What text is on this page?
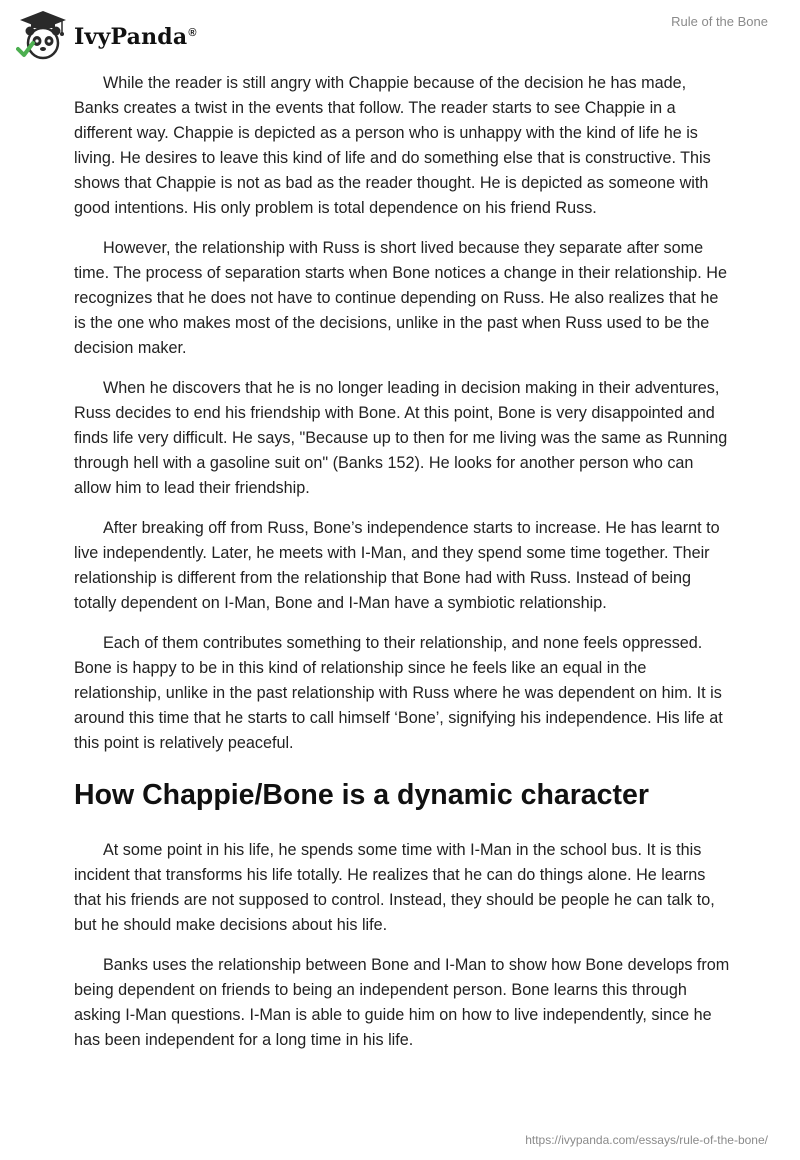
IvyPanda®
Rule of the Bone

While the reader is still angry with Chappie because of the decision he has made, Banks creates a twist in the events that follow. The reader starts to see Chappie in a different way. Chappie is depicted as a person who is unhappy with the kind of life he is living. He desires to leave this kind of life and do something else that is constructive. This shows that Chappie is not as bad as the reader thought. He is depicted as someone with good intentions. His only problem is total dependence on his friend Russ.

However, the relationship with Russ is short lived because they separate after some time. The process of separation starts when Bone notices a change in their relationship. He recognizes that he does not have to continue depending on Russ. He also realizes that he is the one who makes most of the decisions, unlike in the past when Russ used to be the decision maker.

When he discovers that he is no longer leading in decision making in their adventures, Russ decides to end his friendship with Bone. At this point, Bone is very disappointed and finds life very difficult. He says, "Because up to then for me living was the same as Running through hell with a gasoline suit on" (Banks 152). He looks for another person who can allow him to lead their friendship.

After breaking off from Russ, Bone’s independence starts to increase. He has learnt to live independently. Later, he meets with I-Man, and they spend some time together. Their relationship is different from the relationship that Bone had with Russ. Instead of being totally dependent on I-Man, Bone and I-Man have a symbiotic relationship.

Each of them contributes something to their relationship, and none feels oppressed. Bone is happy to be in this kind of relationship since he feels like an equal in the relationship, unlike in the past relationship with Russ where he was dependent on him. It is around this time that he starts to call himself ‘Bone’, signifying his independence. His life at this point is relatively peaceful.

How Chappie/Bone is a dynamic character

At some point in his life, he spends some time with I-Man in the school bus. It is this incident that transforms his life totally. He realizes that he can do things alone. He learns that his friends are not supposed to control. Instead, they should be people he can talk to, but he should make decisions about his life.

Banks uses the relationship between Bone and I-Man to show how Bone develops from being dependent on friends to being an independent person. Bone learns this through asking I-Man questions. I-Man is able to guide him on how to live independently, since he has been independent for a long time in his life.

https://ivypanda.com/essays/rule-of-the-bone/
